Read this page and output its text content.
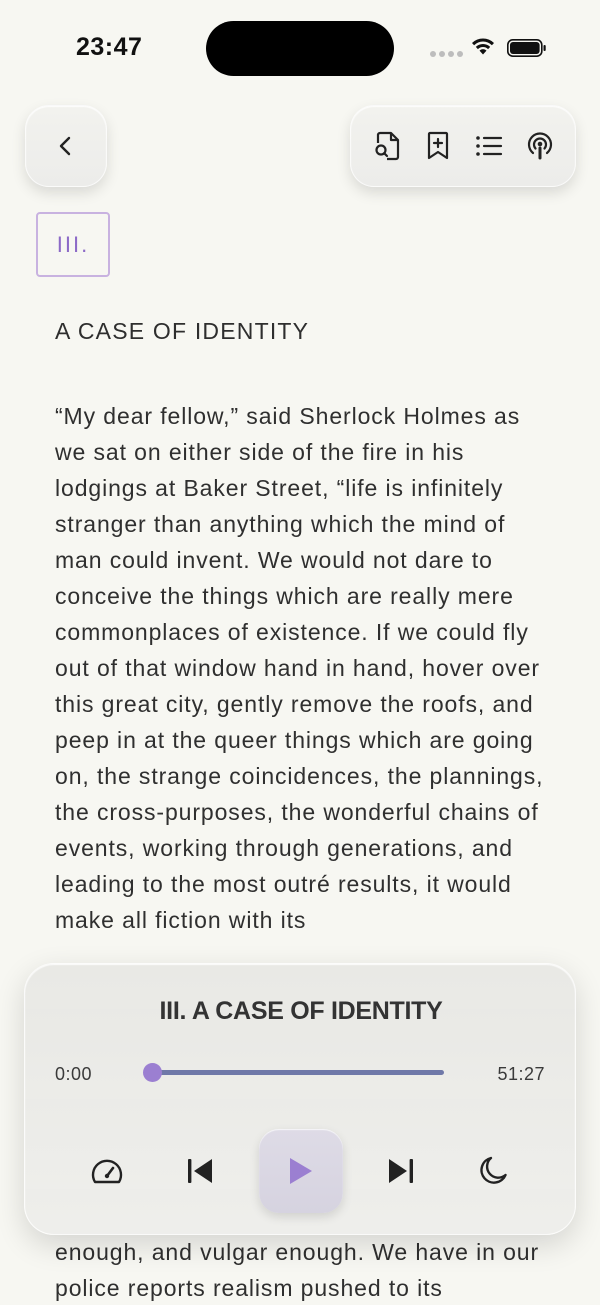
23:47
III.
A CASE OF IDENTITY
“My dear fellow,” said Sherlock Holmes as we sat on either side of the fire in his lodgings at Baker Street, “life is infinitely stranger than anything which the mind of man could invent. We would not dare to conceive the things which are really mere commonplaces of existence. If we could fly out of that window hand in hand, hover over this great city, gently remove the roofs, and peep in at the queer things which are going on, the strange coincidences, the plannings, the cross-purposes, the wonderful chains of events, working through generations, and leading to the most outré results, it would make all fiction with its
enough, and vulgar enough. We have in our police reports realism pushed to its
III. A CASE OF IDENTITY
0:00	51:27
